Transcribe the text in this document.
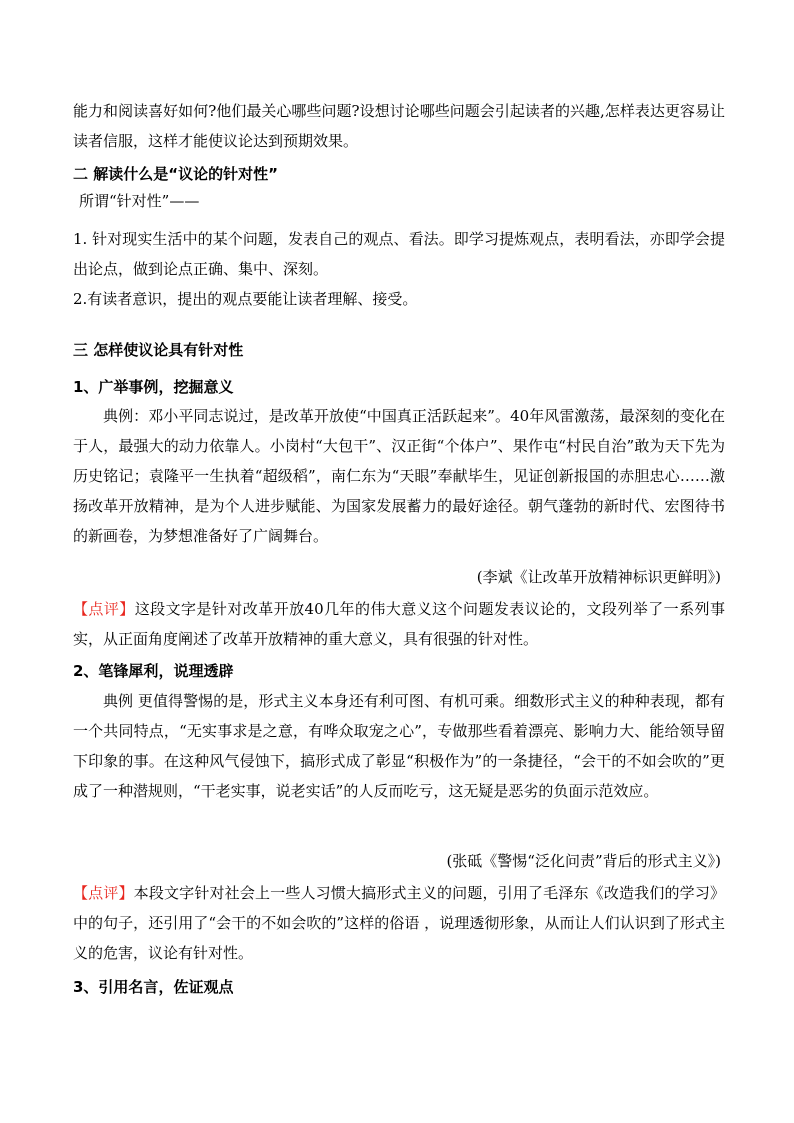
能力和阅读喜好如何?他们最关心哪些问题?设想讨论哪些问题会引起读者的兴趣,怎样表达更容易让读者信服，这样才能使议论达到预期效果。

二 解读什么是“议论的针对性”

所谓“针对性”——

1. 针对现实生活中的某个问题，发表自己的观点、看法。即学习提炼观点，表明看法，亦即学会提出论点，做到论点正确、集中、深刻。

2.有读者意识，提出的观点要能让读者理解、接受。

三 怎样使议论具有针对性

1、广举事例，挖掘意义

典例：邓小平同志说过，是改革开放使“中国真正活跃起来”。40年风雷激荡，最深刻的变化在于人，最强大的动力依靠人。小岗村“大包干”、汉正街“个体户”、果作屯“村民自治”敢为天下先为历史铭记；袁隆平一生执着“超级稻”，南仁东为“天眼”奉献毕生，见证创新报国的赤胆忠心……激扬改革开放精神，是为个人进步赋能、为国家发展蓄力的最好途径。朝气蓬勃的新时代、宏图待书的新画卷，为梦想准备好了广阔舞台。

(李斌《让改革开放精神标识更鲜明》)

【点评】这段文字是针对改革开放40几年的伟大意义这个问题发表议论的，文段列举了一系列事实，从正面角度阐述了改革开放精神的重大意义，具有很强的针对性。

2、笔锋犀利，说理透辟

典例 更值得警惕的是，形式主义本身还有利可图、有机可乘。细数形式主义的种种表现，都有一个共同特点，“无实事求是之意，有哗众取宠之心”，专做那些看着漂亮、影响力大、能给领导留下印象的事。在这种风气侵蚀下，搞形式成了彰显“积极作为”的一条捷径，“会干的不如会吹的”更成了一种潜规则，“干老实事，说老实话”的人反而吃亏，这无疑是恶劣的负面示范效应。

(张砥《警惕“泛化问责”背后的形式主义》)

【点评】本段文字针对社会上一些人习惯大搞形式主义的问题，引用了毛泽东《改造我们的学习》中的句子，还引用了“会干的不如会吹的”这样的俗语 ，说理透彻形象，从而让人们认识到了形式主义的危害，议论有针对性。

3、引用名言，佐证观点
